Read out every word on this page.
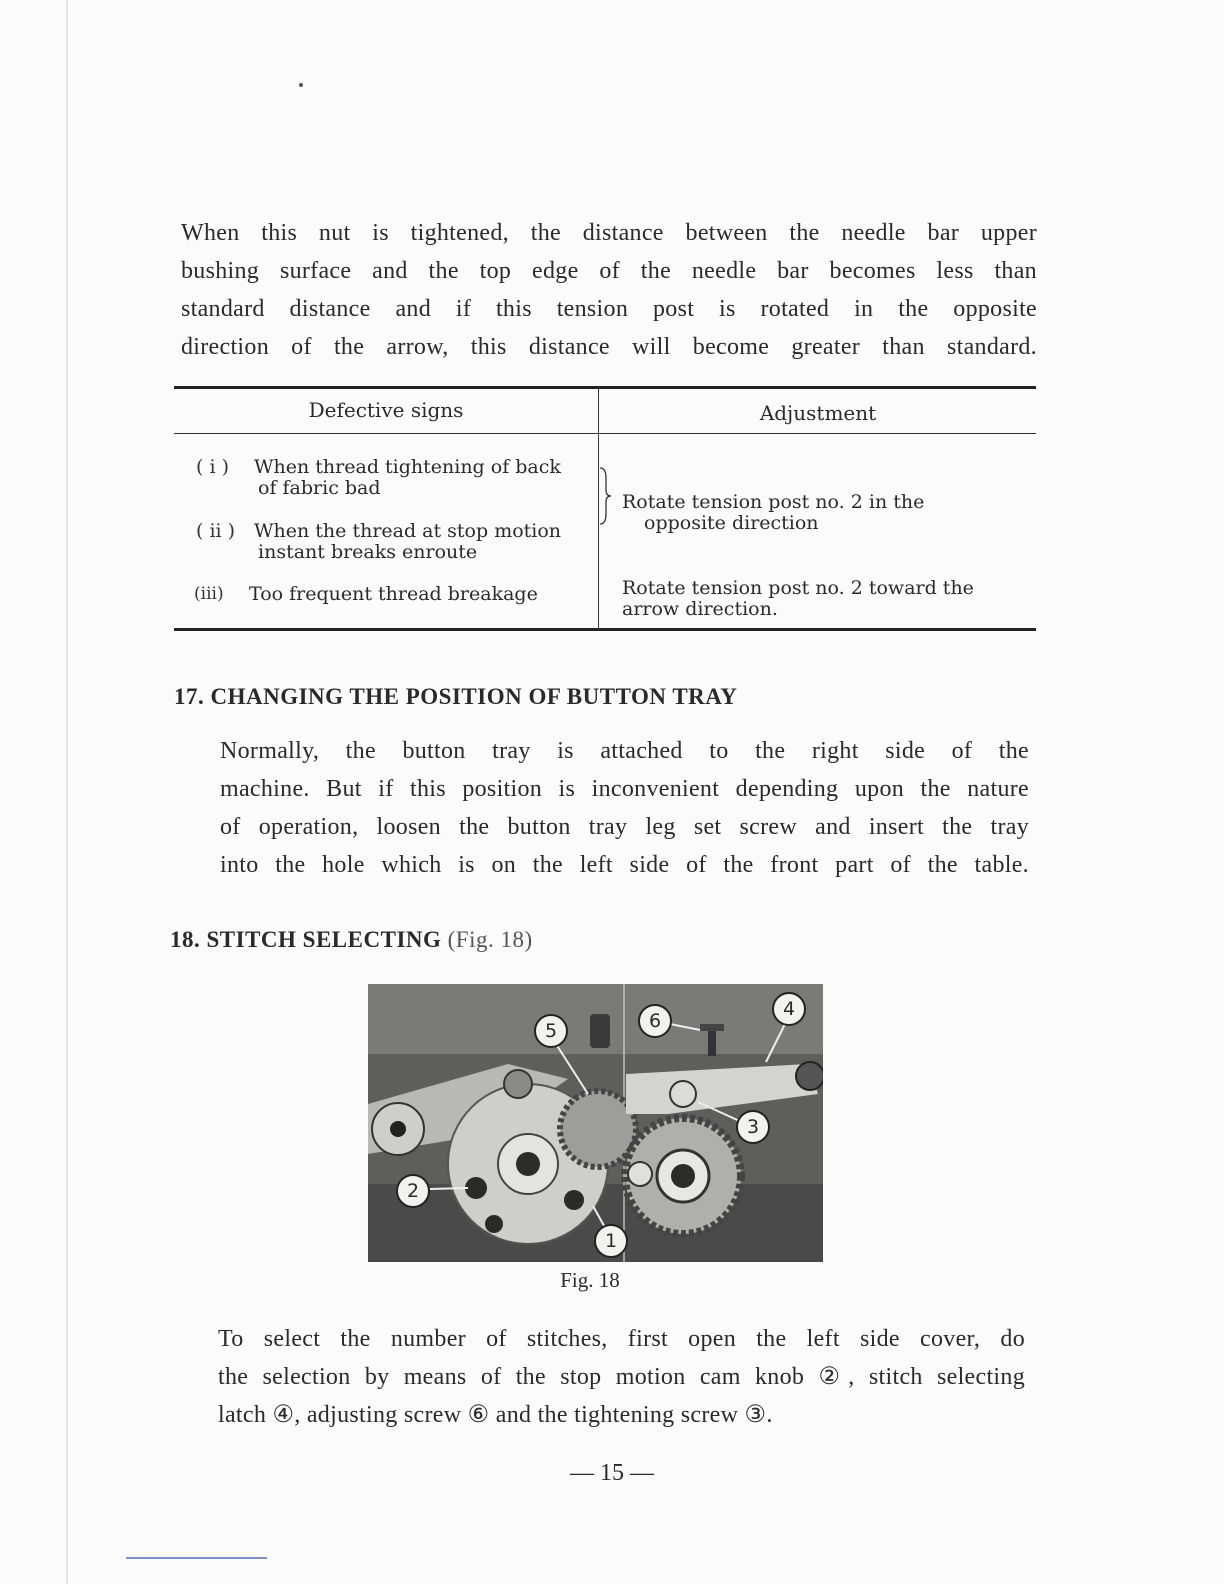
When this nut is tightened, the distance between the needle bar upper
bushing surface and the top edge of the needle bar becomes less than
standard distance and if this tension post is rotated in the opposite
direction of the arrow, this distance will become greater than standard.
Defective signs	Adjustment
( i ) When thread tightening of back
of fabric bad
( ii ) When the thread at stop motion
instant breaks enroute
(iii) Too frequent thread breakage
Rotate tension post no. 2 in the
opposite direction
Rotate tension post no. 2 toward the
arrow direction.
17. CHANGING THE POSITION OF BUTTON TRAY
Normally, the button tray is attached to the right side of the
machine. But if this position is inconvenient depending upon the nature
of operation, loosen the button tray leg set screw and insert the tray
into the hole which is on the left side of the front part of the table.
18. STITCH SELECTING (Fig. 18)
1
2
3
4
5	6
Fig. 18
To select the number of stitches, first open the left side cover, do
the selection by means of the stop motion cam knob ②, stitch selecting
latch ④, adjusting screw ⑥ and the tightening screw ③.
— 15 —
